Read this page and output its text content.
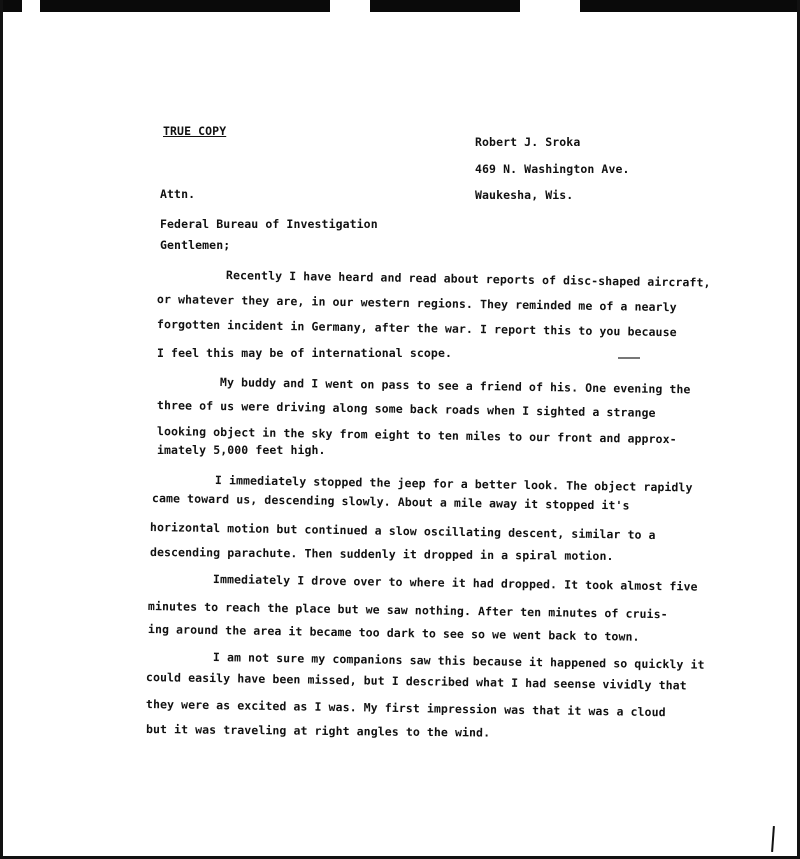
TRUE COPY
Robert J. Sroka
469 N. Washington Ave.
Waukesha, Wis.
Attn.
Federal Bureau of Investigation
Gentlemen;
Recently I have heard and read about reports of disc-shaped aircraft,
or whatever they are, in our western regions. They reminded me of a nearly
forgotten incident in Germany, after the war. I report this to you because
I feel this may be of international scope.
My buddy and I went on pass to see a friend of his. One evening the
three of us were driving along some back roads when I sighted a strange
looking object in the sky from eight to ten miles to our front and approx-
imately 5,000 feet high.
I immediately stopped the jeep for a better look. The object rapidly
came toward us, descending slowly. About a mile away it stopped it's
horizontal motion but continued a slow oscillating descent, similar to a
descending parachute. Then suddenly it dropped in a spiral motion.
Immediately I drove over to where it had dropped. It took almost five
minutes to reach the place but we saw nothing. After ten minutes of cruis-
ing around the area it became too dark to see so we went back to town.
I am not sure my companions saw this because it happened so quickly it
could easily have been missed, but I described what I had seense vividly that
they were as excited as I was. My first impression was that it was a cloud
but it was traveling at right angles to the wind.
